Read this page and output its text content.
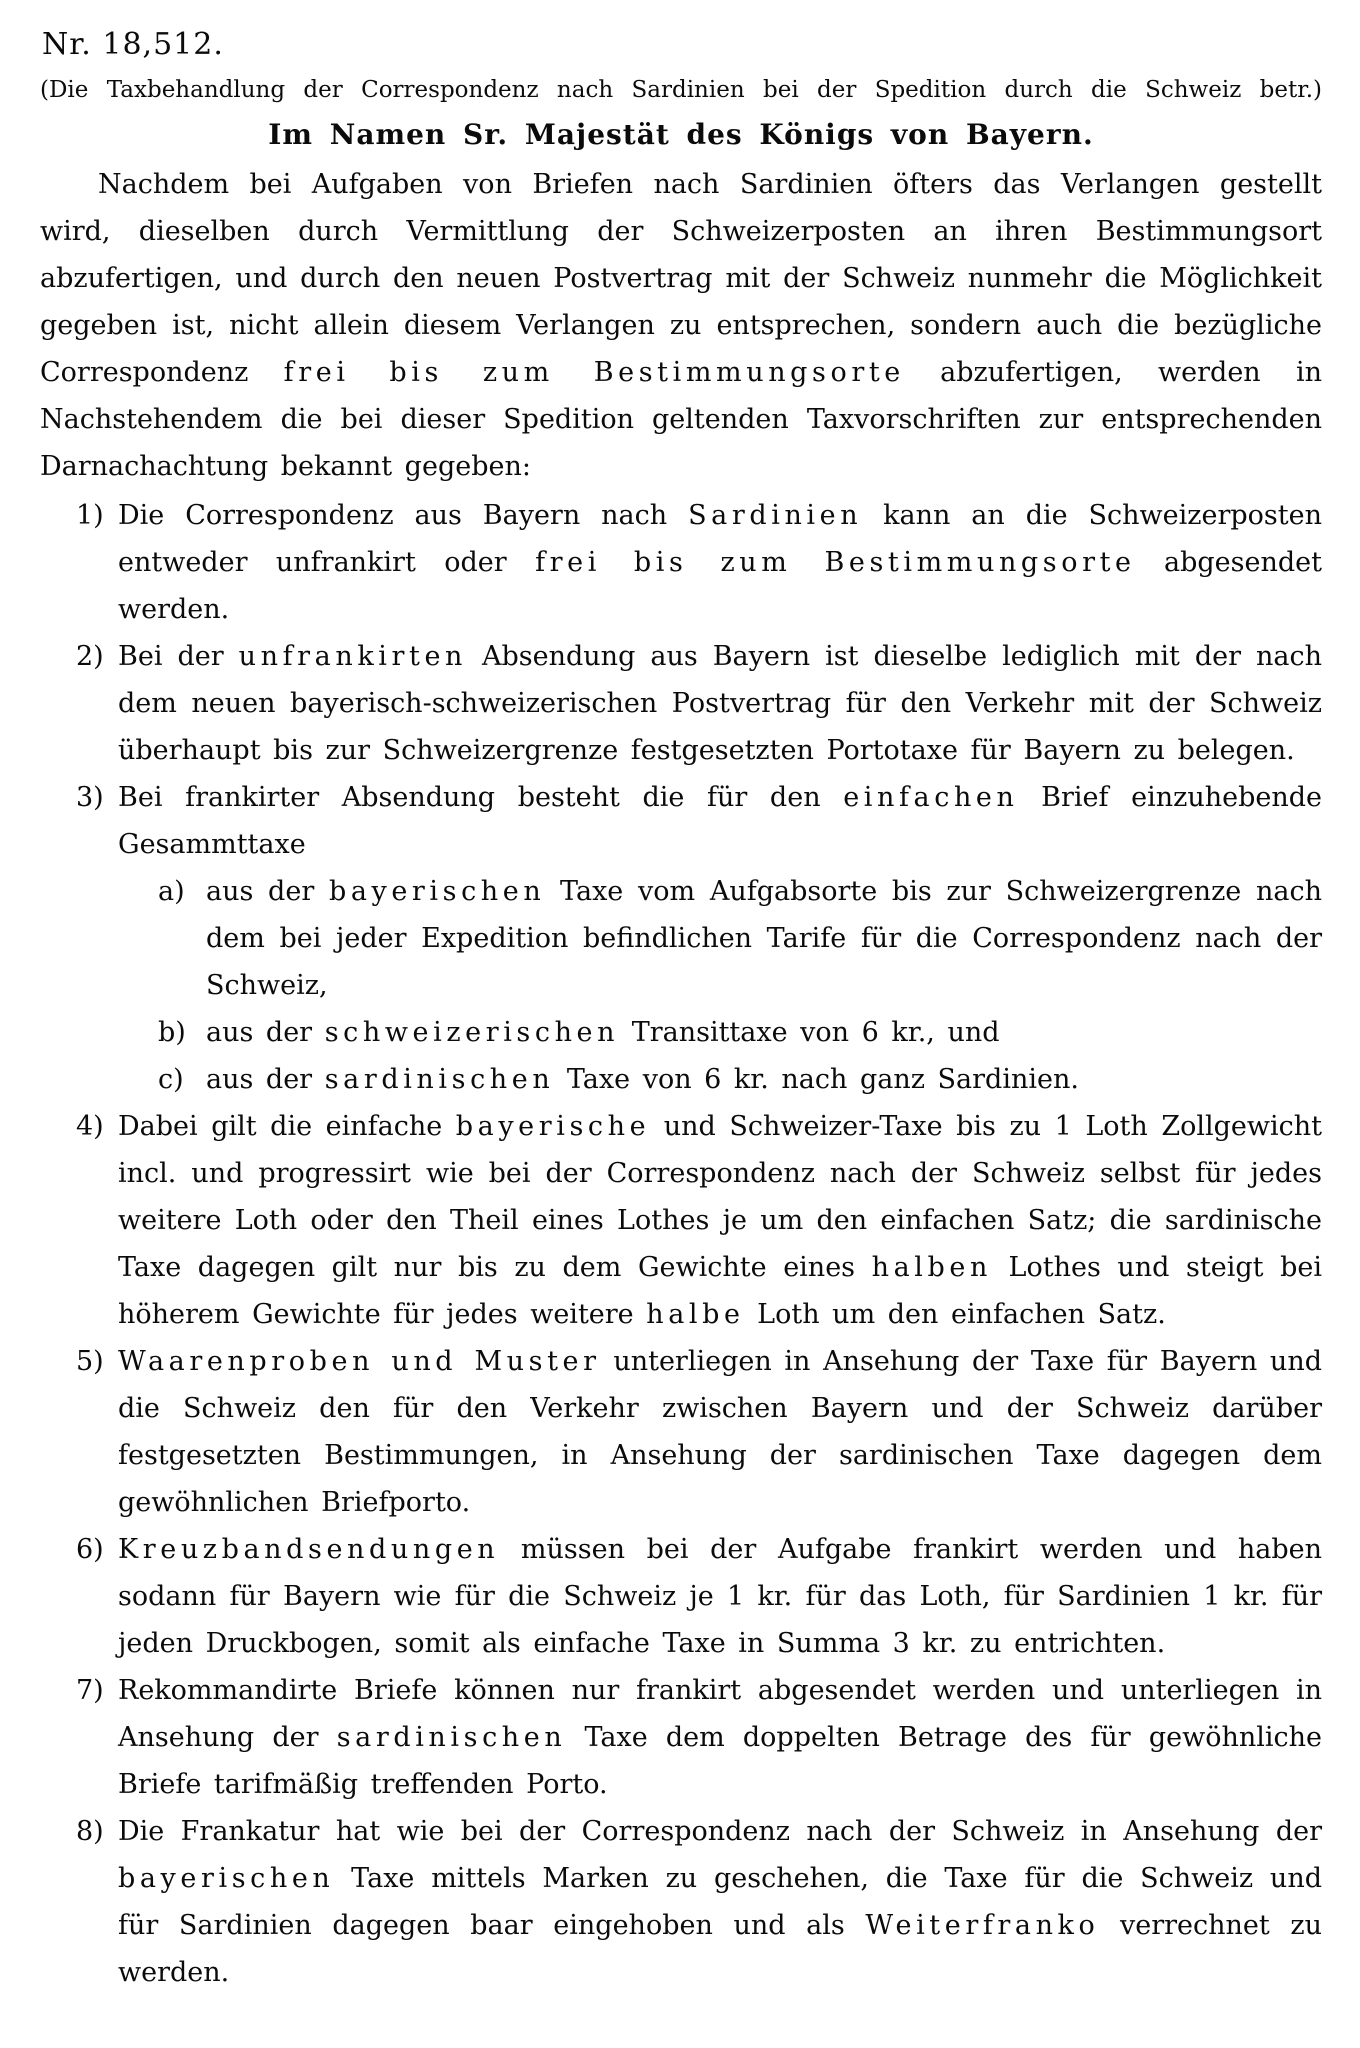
Nr. 18,512.
(Die Taxbehandlung der Correspondenz nach Sardinien bei der Spedition durch die Schweiz betr.)
Im Namen Sr. Majestät des Königs von Bayern.

Nachdem bei Aufgaben von Briefen nach Sardinien öfters das Verlangen gestellt wird, dieselben durch Vermittlung der Schweizerposten an ihren Bestimmungsort abzufertigen, und durch den neuen Postvertrag mit der Schweiz nunmehr die Möglichkeit gegeben ist, nicht allein diesem Verlangen zu entsprechen, sondern auch die bezügliche Correspondenz frei bis zum Bestimmungsorte abzufertigen, werden in Nachstehendem die bei dieser Spedition geltenden Taxvorschriften zur entsprechenden Darnachachtung bekannt gegeben:

1) Die Correspondenz aus Bayern nach Sardinien kann an die Schweizerposten entweder unfrankirt oder frei bis zum Bestimmungsorte abgesendet werden.
2) Bei der unfrankirten Absendung aus Bayern ist dieselbe lediglich mit der nach dem neuen bayerisch-schweizerischen Postvertrag für den Verkehr mit der Schweiz überhaupt bis zur Schweizergrenze festgesetzten Portotaxe für Bayern zu belegen.
3) Bei frankirter Absendung besteht die für den einfachen Brief einzuhebende Gesammttaxe
a) aus der bayerischen Taxe vom Aufgabsorte bis zur Schweizergrenze nach dem bei jeder Expedition befindlichen Tarife für die Correspondenz nach der Schweiz,
b) aus der schweizerischen Transittaxe von 6 kr., und
c) aus der sardinischen Taxe von 6 kr. nach ganz Sardinien.
4) Dabei gilt die einfache bayerische und Schweizer-Taxe bis zu 1 Loth Zollgewicht incl. und progressirt wie bei der Correspondenz nach der Schweiz selbst für jedes weitere Loth oder den Theil eines Lothes je um den einfachen Satz; die sardinische Taxe dagegen gilt nur bis zu dem Gewichte eines halben Lothes und steigt bei höherem Gewichte für jedes weitere halbe Loth um den einfachen Satz.
5) Waarenproben und Muster unterliegen in Ansehung der Taxe für Bayern und die Schweiz den für den Verkehr zwischen Bayern und der Schweiz darüber festgesetzten Bestimmungen, in Ansehung der sardinischen Taxe dagegen dem gewöhnlichen Briefporto.
6) Kreuzbandsendungen müssen bei der Aufgabe frankirt werden und haben sodann für Bayern wie für die Schweiz je 1 kr. für das Loth, für Sardinien 1 kr. für jeden Druckbogen, somit als einfache Taxe in Summa 3 kr. zu entrichten.
7) Rekommandirte Briefe können nur frankirt abgesendet werden und unterliegen in Ansehung der sardinischen Taxe dem doppelten Betrage des für gewöhnliche Briefe tarifmäßig treffenden Porto.
8) Die Frankatur hat wie bei der Correspondenz nach der Schweiz in Ansehung der bayerischen Taxe mittels Marken zu geschehen, die Taxe für die Schweiz und für Sardinien dagegen baar eingehoben und als Weiterfranko verrechnet zu werden.
